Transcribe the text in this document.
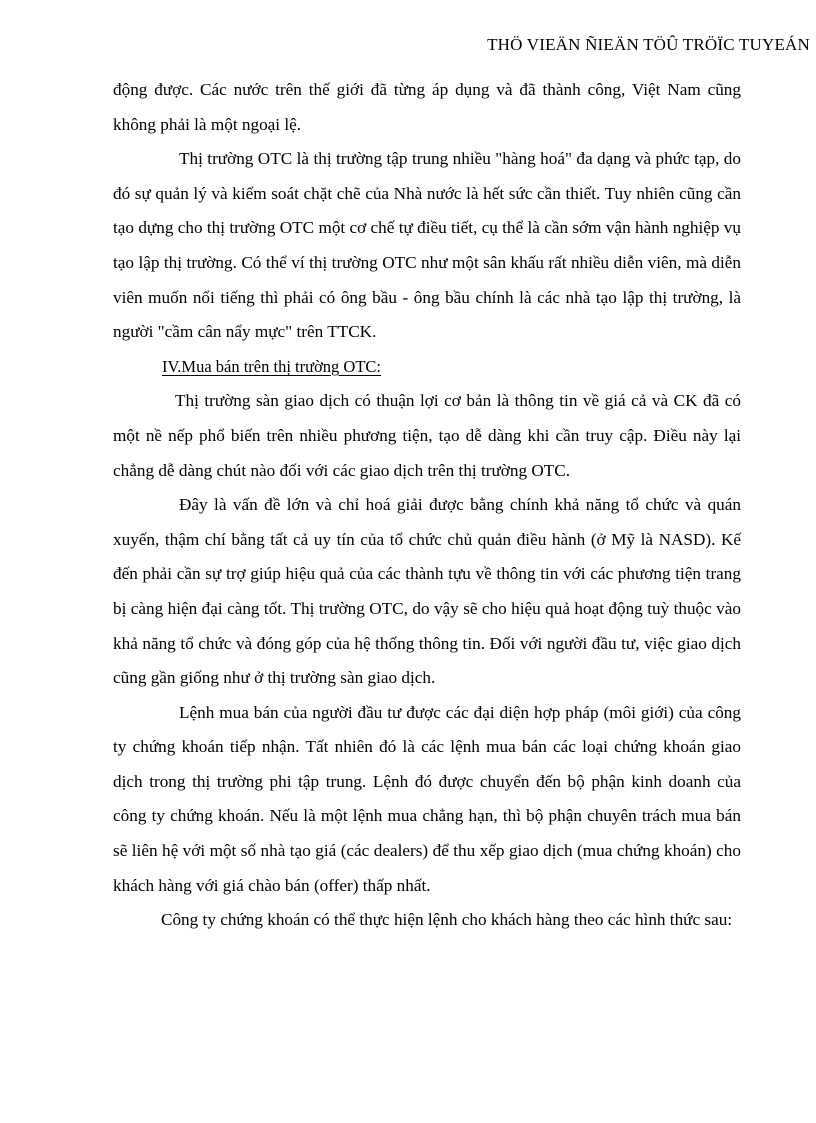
THÖ VIEÄN ÑIEÄN TÖÛ TRÖÏC TUYEÁN

động được. Các nước trên thế giới đã từng áp dụng và đã thành công, Việt Nam cũng không phải là một ngoại lệ.

Thị trường OTC là thị trường tập trung nhiều "hàng hoá" đa dạng và phức tạp, do đó sự quản lý và kiểm soát chặt chẽ của Nhà nước là hết sức cần thiết. Tuy nhiên cũng cần tạo dựng cho thị trường OTC một cơ chế tự điều tiết, cụ thể là cần sớm vận hành nghiệp vụ tạo lập thị trường. Có thể ví thị trường OTC như một sân khấu rất nhiều diễn viên, mà diễn viên muốn nổi tiếng thì phải có ông bầu - ông bầu chính là các nhà tạo lập thị trường, là người "cầm cân nẩy mực" trên TTCK.

IV.Mua bán trên thị trường OTC:

Thị trường sàn giao dịch có thuận lợi cơ bản là thông tin về giá cả và CK đã có một nề nếp phổ biến trên nhiều phương tiện, tạo dễ dàng khi cần truy cập. Điều này lại chẳng dễ dàng chút nào đối với các giao dịch trên thị trường OTC.

Đây là vấn đề lớn và chỉ hoá giải được bằng chính khả năng tổ chức và quán xuyến, thậm chí bằng tất cả uy tín của tổ chức chủ quản điều hành (ở Mỹ là NASD). Kế đến phải cần sự trợ giúp hiệu quả của các thành tựu về thông tin với các phương tiện trang bị càng hiện đại càng tốt. Thị trường OTC, do vậy sẽ cho hiệu quả hoạt động tuỳ thuộc vào khả năng tổ chức và đóng góp của hệ thống thông tin. Đối với người đầu tư, việc giao dịch cũng gần giống như ở thị trường sàn giao dịch.

Lệnh mua bán của người đầu tư được các đại diện hợp pháp (môi giới) của công ty chứng khoán tiếp nhận. Tất nhiên đó là các lệnh mua bán các loại chứng khoán giao dịch trong thị trường phi tập trung. Lệnh đó được chuyển đến bộ phận kinh doanh của công ty chứng khoán. Nếu là một lệnh mua chẳng hạn, thì bộ phận chuyên trách mua bán sẽ liên hệ với một số nhà tạo giá (các dealers) để thu xếp giao dịch (mua chứng khoán) cho khách hàng với giá chào bán (offer) thấp nhất.

Công ty chứng khoán có thể thực hiện lệnh cho khách hàng theo các hình thức sau:
